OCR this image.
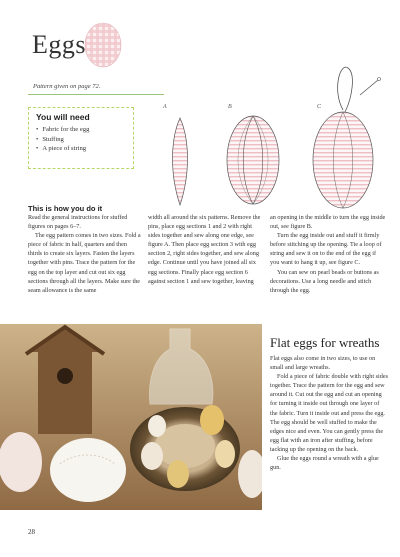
Eggs
Pattern given on page 72.
You will need
• Fabric for the egg
• Stuffing
• A piece of string
A	B	C
This is how you do it

Read the general instructions for stuffed figures on pages 6–7.

The egg pattern comes in two sizes. Fold a piece of fabric in half, quarters and then thirds to create six layers. Fasten the layers together with pins. Trace the pattern for the egg on the top layer and cut out six egg sections through all the layers. Make sure the seam allowance is the same

width all around the six patterns. Remove the pins, place egg sections 1 and 2 with right sides together and sew along one edge, see figure A. Then place egg section 3 with egg section 2, right sides together, and sew along edge. Continue until you have joined all six egg sections. Finally place egg section 6 against section 1 and sew together, leaving

an opening in the middle to turn the egg inside out, see figure B.

Turn the egg inside out and stuff it firmly before stitching up the opening. Tie a loop of string and sew it on to the end of the egg if you want to hang it up, see figure C.

You can sew on pearl beads or buttons as decorations. Use a long needle and stitch through the egg.

Flat eggs for wreaths

Flat eggs also come in two sizes, to use on small and large wreaths.

Fold a piece of fabric double with right sides together. Trace the pattern for the egg and sew around it. Cut out the egg and cut an opening for turning it inside out through one layer of the fabric. Turn it inside out and press the egg. The egg should be well stuffed to make the edges nice and even. You can gently press the egg flat with an iron after stuffing, before tacking up the opening on the back.

Glue the eggs round a wreath with a glue gun.

28
